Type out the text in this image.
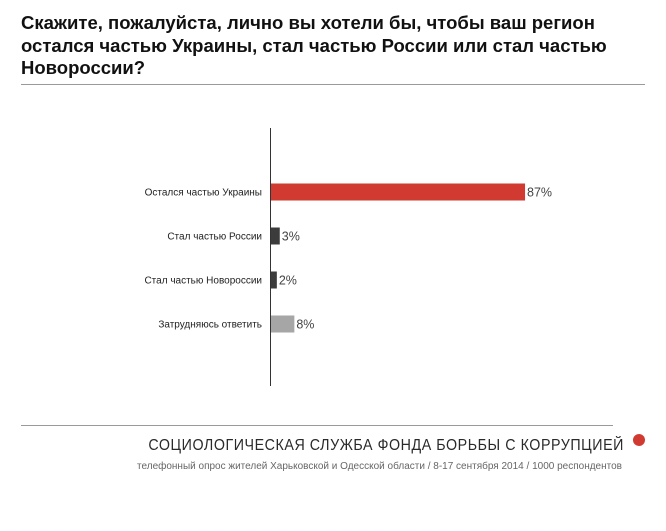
Скажите, пожалуйста, лично вы хотели бы, чтобы ваш регион остался частью Украины, стал частью России или стал частью Новороссии?
Остался частью Украины	87%
Стал частью России 3%
Стал частью Новороссии 2%
Затрудняюсь ответить	8%

СОЦИОЛОГИЧЕСКАЯ СЛУЖБА ФОНДА БОРЬБЫ С КОРРУПЦИЕЙ

телефонный опрос жителей Харьковской и Одесской области / 8-17 сентября 2014 / 1000 респондентов
